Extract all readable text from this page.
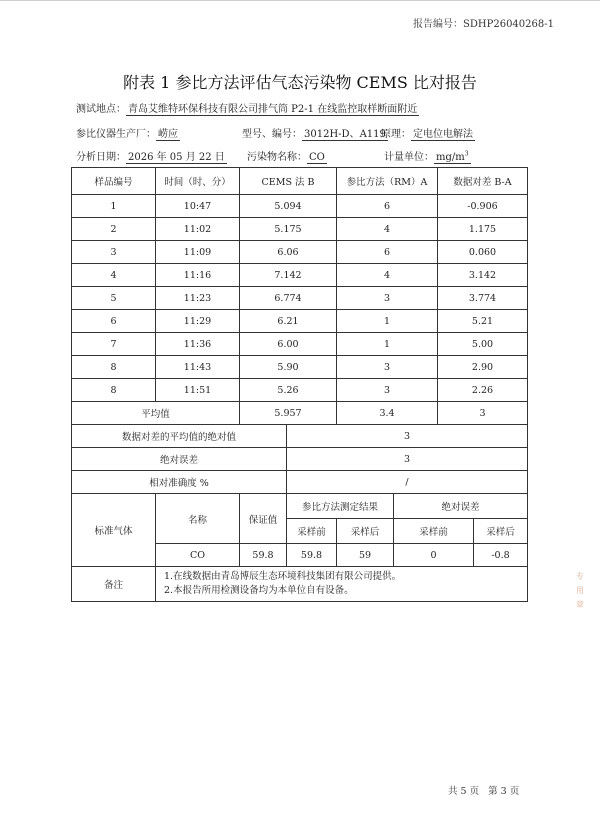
报告编号：SDHP26040268-1
附表 1 参比方法评估气态污染物 CEMS 比对报告
测试地点： 青岛艾维特环保科技有限公司排气筒 P2-1 在线监控取样断面附近
参比仪器生产厂： 崂应	型号、编号： 3012H-D、A119
原理： 定电位电解法
分析日期： 2026 年 05 月 22 日 污染物名称： CO	计量单位： $mg/m^3$
样品编号	时间（时、分）	CEMS 法 B		参比方法（RM）A		数据对差 B-A	
1	10:47	5.094		6		-0.906	
2	11:02	5.175		4		1.175	
3	11:09	6.06		6		0.060	
4	11:16	7.142		4		3.142	
5	11:23	6.774		3		3.774	
6	11:29	6.21		1		5.21	
7	11:36	6.00		1		5.00	
8	11:43	5.90		3		2.90	
8	11:51	5.26		3		2.26	
平均值		5.957		3.4		3	
数据对差的平均值的绝对值			3				
绝对误差			3				
相对准确度 %			/				
标准气体	名称	保证值	参比方法测定结果		绝对误差		
			采样前	采样后	采样前		采样后
	CO	59.8	59.8	59	0		-0.8
备注	1.在线数据由青岛博辰生态环境科技集团有限公司提供。
2.本报告所用检测设备均为本单位自有设备。						
专 用 章
共 5 页 第 3 页
